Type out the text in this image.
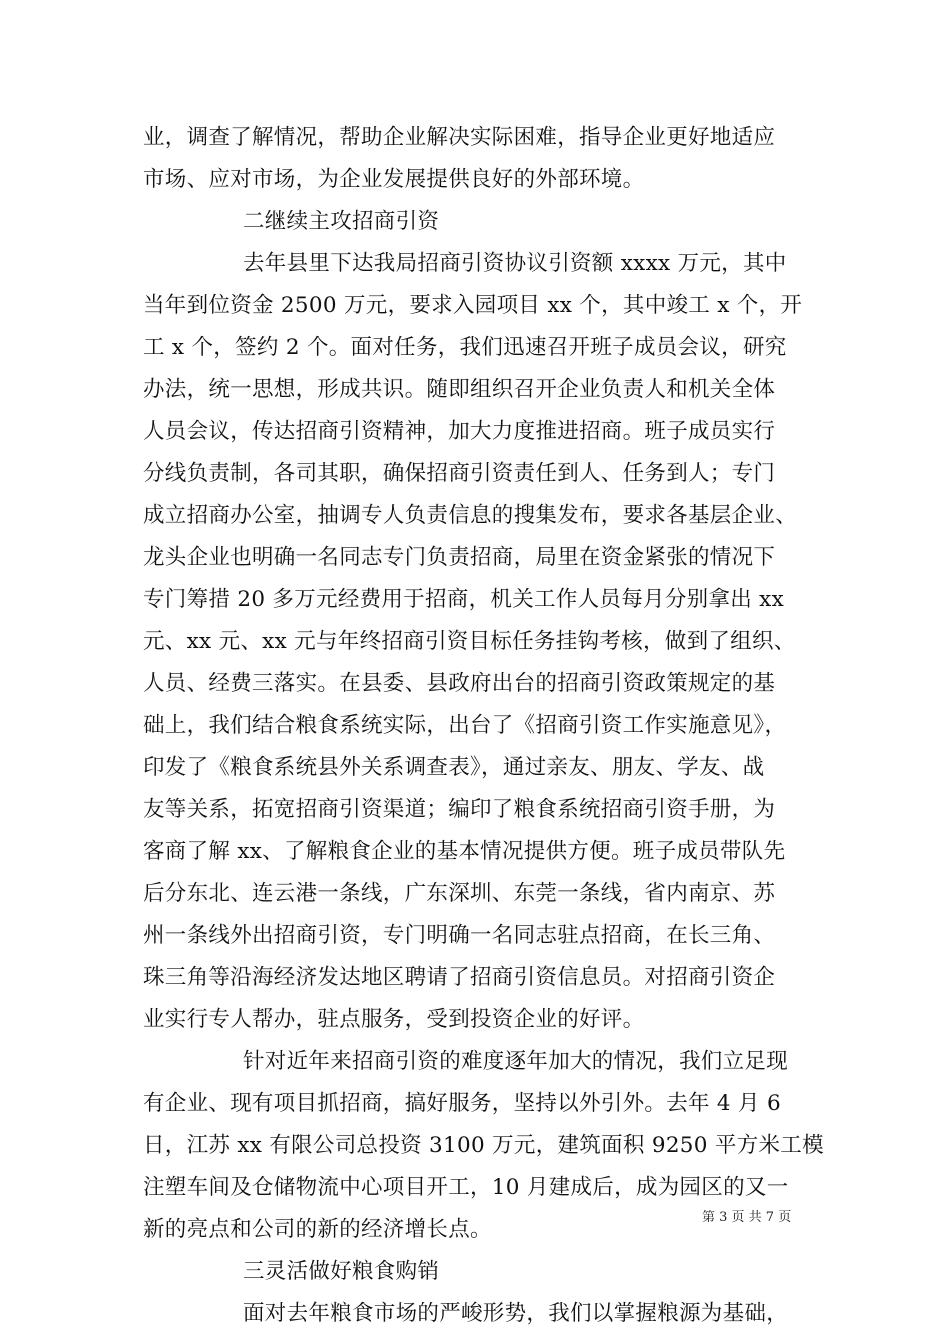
业，调查了解情况，帮助企业解决实际困难，指导企业更好地适应
市场、应对市场，为企业发展提供良好的外部环境。
二继续主攻招商引资
去年县里下达我局招商引资协议引资额 xxxx 万元，其中
当年到位资金 2500 万元，要求入园项目 xx 个，其中竣工 x 个，开
工 x 个，签约 2 个。面对任务，我们迅速召开班子成员会议，研究
办法，统一思想，形成共识。随即组织召开企业负责人和机关全体
人员会议，传达招商引资精神，加大力度推进招商。班子成员实行
分线负责制，各司其职，确保招商引资责任到人、任务到人；专门
成立招商办公室，抽调专人负责信息的搜集发布，要求各基层企业、
龙头企业也明确一名同志专门负责招商，局里在资金紧张的情况下
专门筹措 20 多万元经费用于招商，机关工作人员每月分别拿出 xx
元、xx 元、xx 元与年终招商引资目标任务挂钩考核，做到了组织、
人员、经费三落实。在县委、县政府出台的招商引资政策规定的基
础上，我们结合粮食系统实际，出台了《招商引资工作实施意见》，
印发了《粮食系统县外关系调查表》，通过亲友、朋友、学友、战
友等关系，拓宽招商引资渠道；编印了粮食系统招商引资手册，为
客商了解 xx、了解粮食企业的基本情况提供方便。班子成员带队先
后分东北、连云港一条线，广东深圳、东莞一条线，省内南京、苏
州一条线外出招商引资，专门明确一名同志驻点招商，在长三角、
珠三角等沿海经济发达地区聘请了招商引资信息员。对招商引资企
业实行专人帮办，驻点服务，受到投资企业的好评。
针对近年来招商引资的难度逐年加大的情况，我们立足现
有企业、现有项目抓招商，搞好服务，坚持以外引外。去年 4 月 6
日，江苏 xx 有限公司总投资 3100 万元，建筑面积 9250 平方米工模
注塑车间及仓储物流中心项目开工，10 月建成后，成为园区的又一
新的亮点和公司的新的经济增长点。
三灵活做好粮食购销
面对去年粮食市场的严峻形势，我们以掌握粮源为基础，
第 3 页 共 7 页
